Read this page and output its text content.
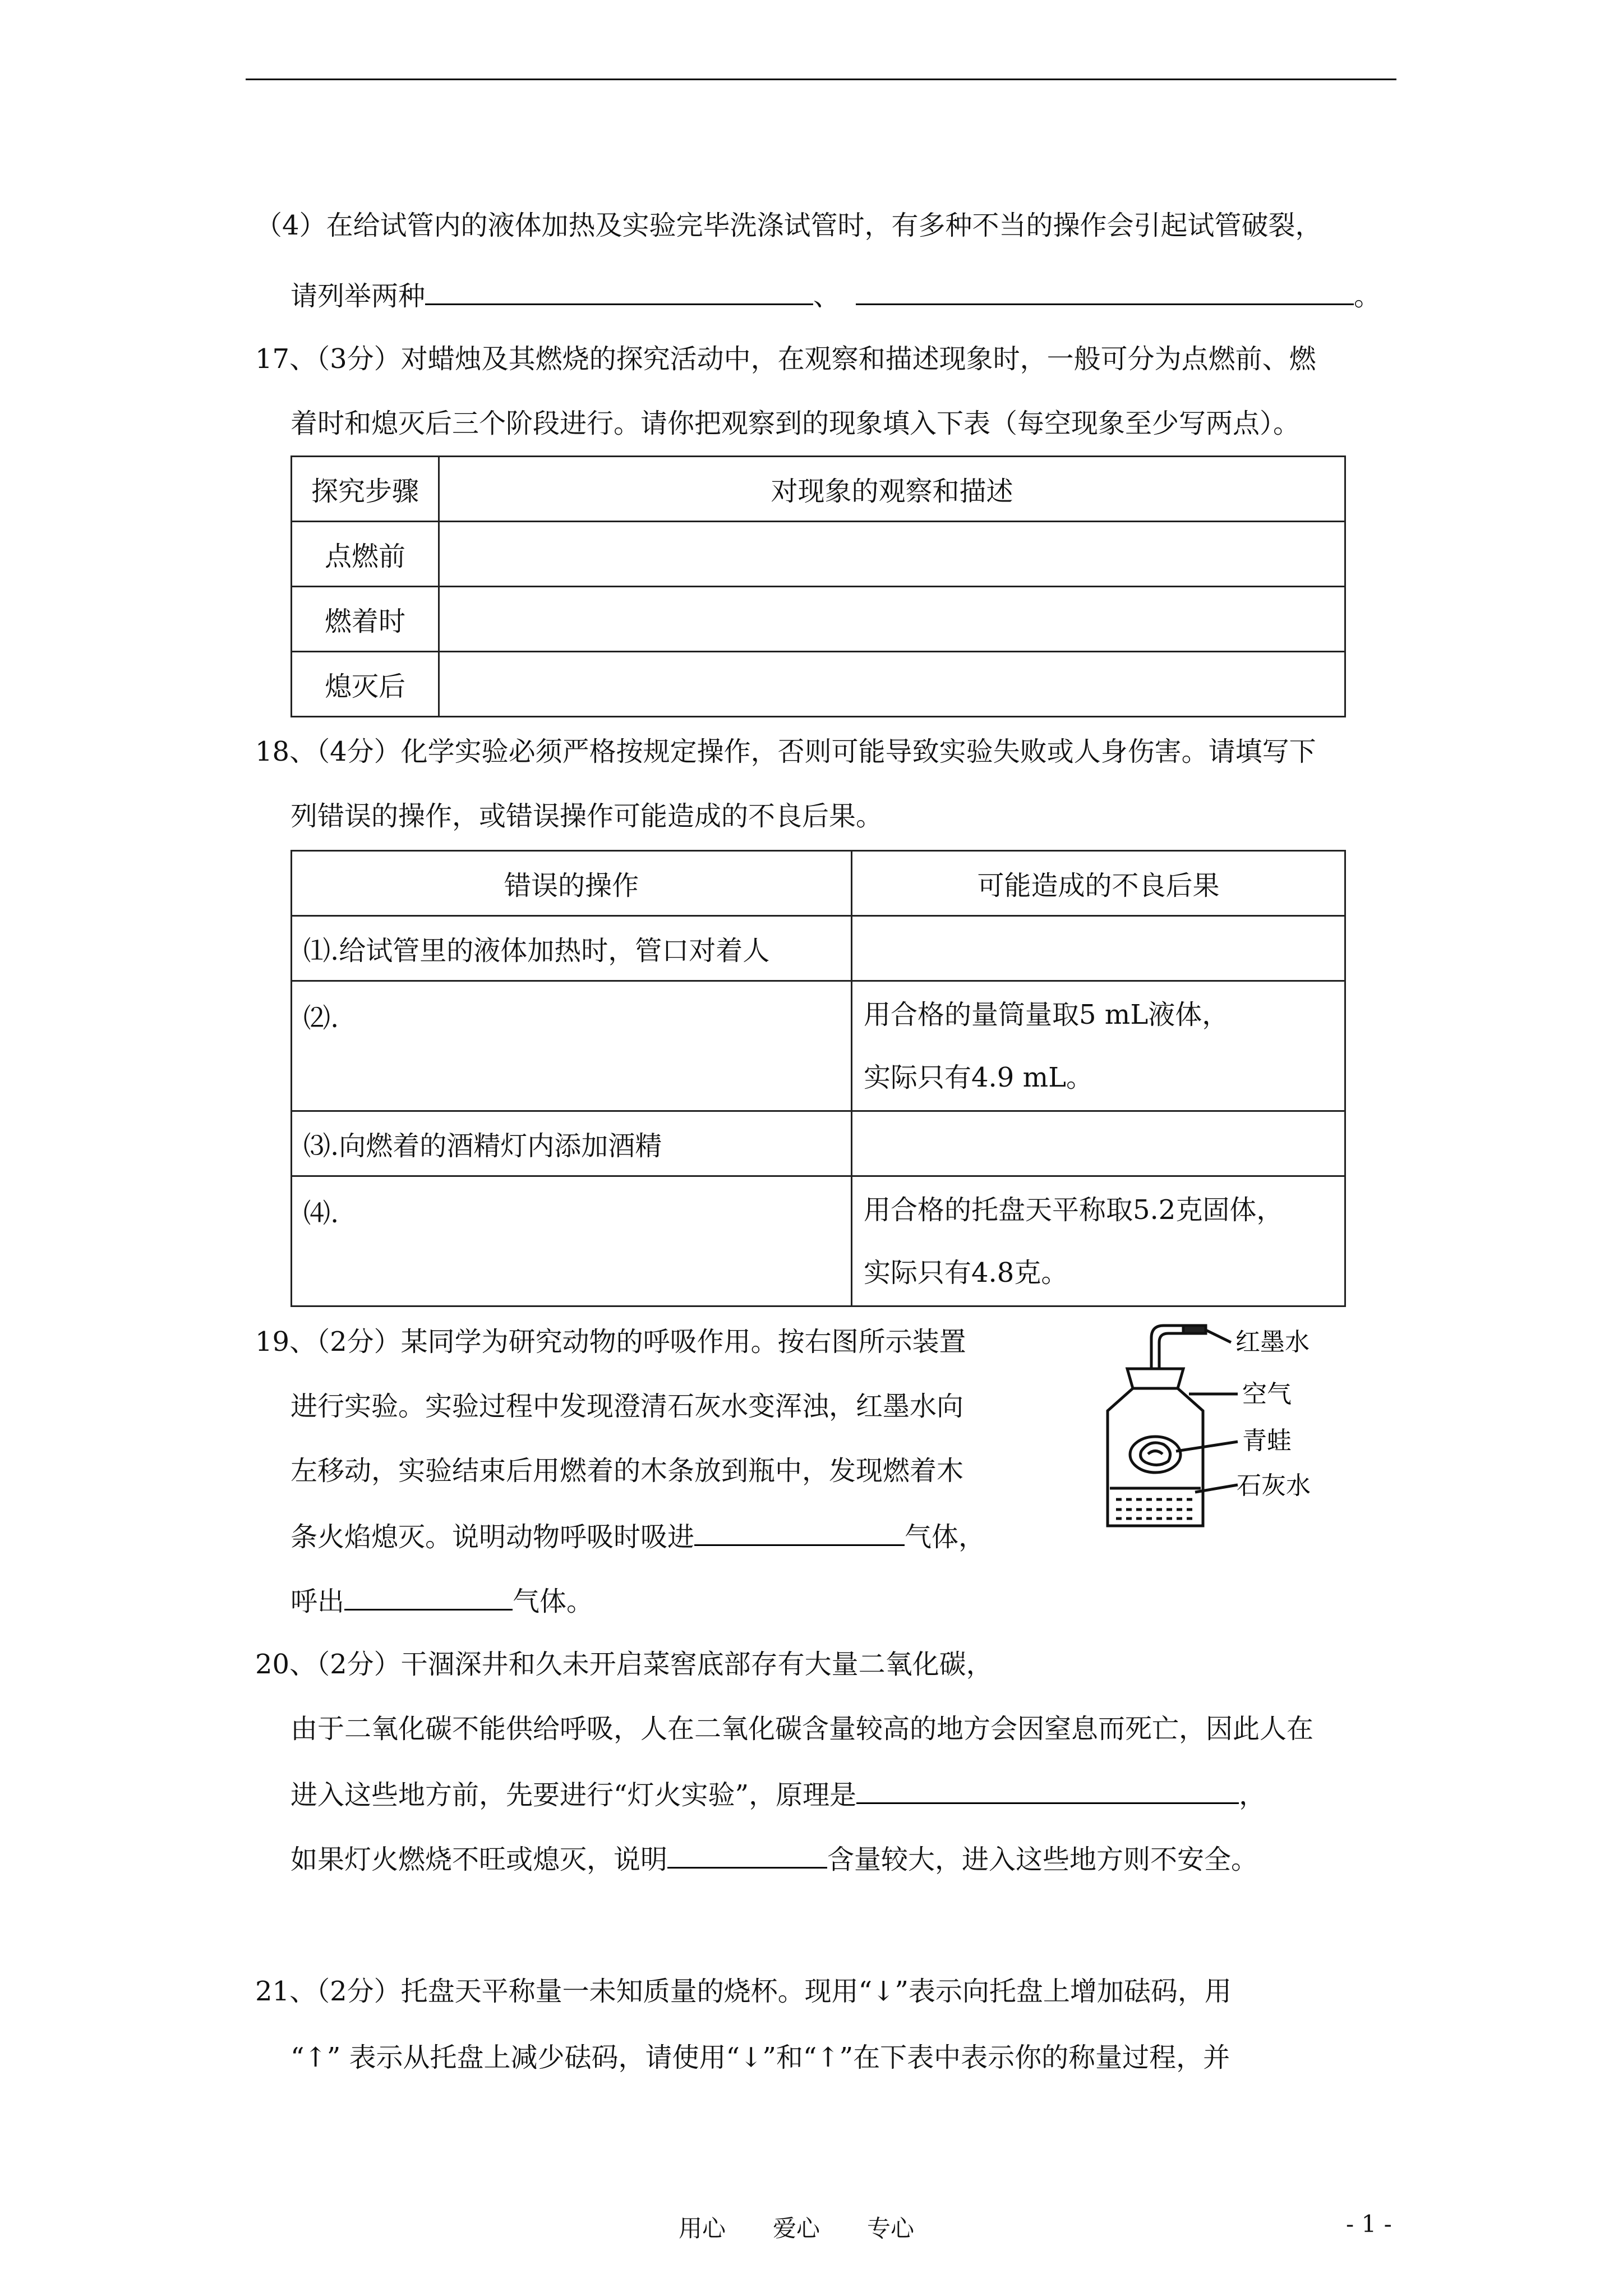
（4）在给试管内的液体加热及实验完毕洗涤试管时，有多种不当的操作会引起试管破裂，
请列举两种	、	。
17、（3分）对蜡烛及其燃烧的探究活动中，在观察和描述现象时，一般可分为点燃前、燃
着时和熄灭后三个阶段进行。请你把观察到的现象填入下表（每空现象至少写两点）。
探究步骤	对现象的观察和描述
点燃前	
燃着时	
熄灭后	
18、（4分）化学实验必须严格按规定操作，否则可能导致实验失败或人身伤害。请填写下
列错误的操作，或错误操作可能造成的不良后果。
错误的操作	可能造成的不良后果
⑴.给试管里的液体加热时，管口对着人	
⑵.	用合格的量筒量取5 mL液体，
实际只有4.9 mL。

⑶.向燃着的酒精灯内添加酒精	
⑷.	用合格的托盘天平称取5.2克固体，
实际只有4.8克。
19、（2分）某同学为研究动物的呼吸作用。按右图所示装置
进行实验。实验过程中发现澄清石灰水变浑浊，红墨水向
左移动，实验结束后用燃着的木条放到瓶中，发现燃着木
条火焰熄灭。说明动物呼吸时吸进	气体，
呼出	气体。
红墨水
空气
青蛙
石灰水
20、（2分）干涸深井和久未开启菜窖底部存有大量二氧化碳，
由于二氧化碳不能供给呼吸，人在二氧化碳含量较高的地方会因窒息而死亡，因此人在
进入这些地方前，先要进行“灯火实验”，原理是	，
如果灯火燃烧不旺或熄灭，说明	含量较大，进入这些地方则不安全。
21、（2分）托盘天平称量一未知质量的烧杯。现用“↓”表示向托盘上增加砝码，用
“↑” 表示从托盘上减少砝码，请使用“↓”和“↑”在下表中表示你的称量过程，并
用心　　爱心　　专心	- 1 -
